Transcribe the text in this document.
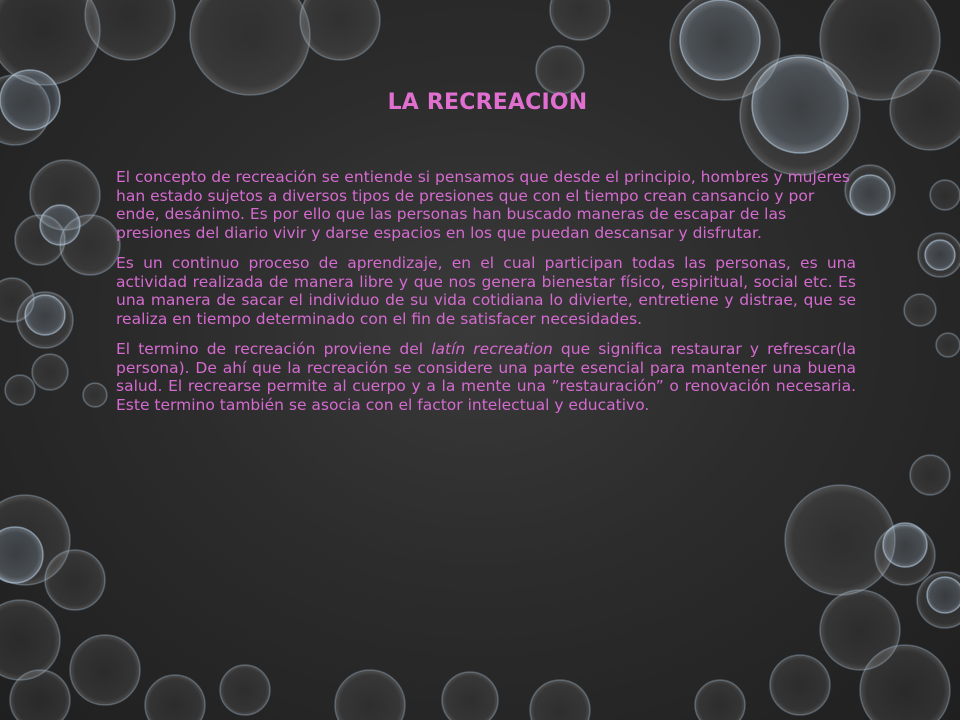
LA RECREACION

El concepto de recreación se entiende si pensamos que desde el principio, hombres y mujeres han estado sujetos a diversos tipos de presiones que con el tiempo crean cansancio y por ende, desánimo. Es por ello que las personas han buscado maneras de escapar de las presiones del diario vivir y darse espacios en los que puedan descansar y disfrutar.

Es un continuo proceso de aprendizaje, en el cual participan todas las personas, es una actividad realizada de manera libre y que nos genera bienestar físico, espiritual, social etc. Es una manera de sacar el individuo de su vida cotidiana lo divierte, entretiene y distrae, que se realiza en tiempo determinado con el fin de satisfacer necesidades.

El termino de recreación proviene del latín recreation que significa restaurar y refrescar(la persona). De ahí que la recreación se considere una parte esencial para mantener una buena salud. El recrearse permite al cuerpo y a la mente una ”restauración” o renovación necesaria. Este termino también se asocia con el factor intelectual y educativo.
